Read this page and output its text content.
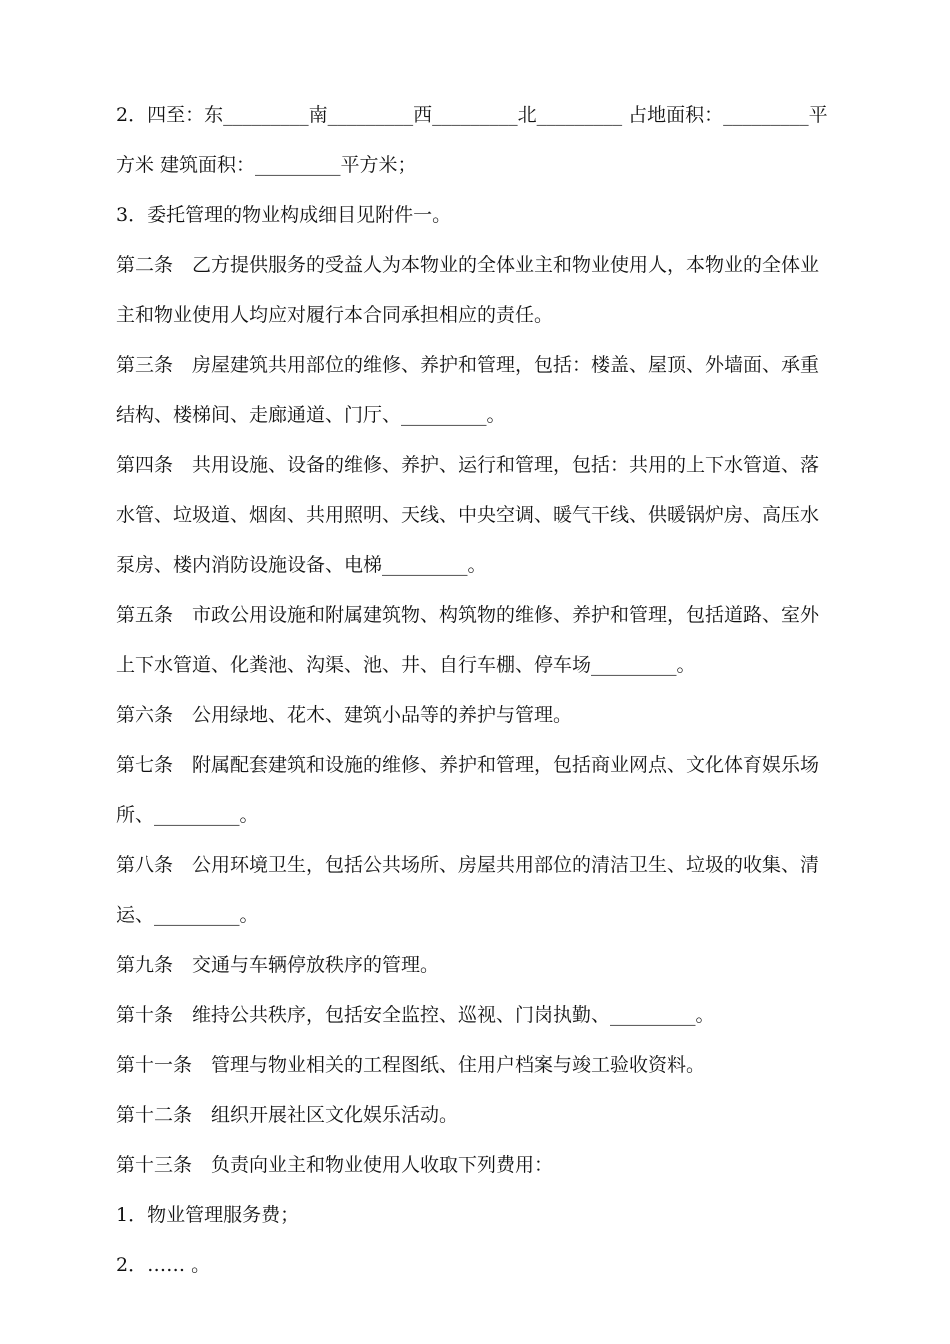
2．四至：东_________南_________西_________北_________ 占地面积：_________平
方米 建筑面积：_________平方米；
3．委托管理的物业构成细目见附件一。
第二条　乙方提供服务的受益人为本物业的全体业主和物业使用人，本物业的全体业
主和物业使用人均应对履行本合同承担相应的责任。
第三条　房屋建筑共用部位的维修、养护和管理，包括：楼盖、屋顶、外墙面、承重
结构、楼梯间、走廊通道、门厅、_________。
第四条　共用设施、设备的维修、养护、运行和管理，包括：共用的上下水管道、落
水管、垃圾道、烟囱、共用照明、天线、中央空调、暖气干线、供暖锅炉房、高压水
泵房、楼内消防设施设备、电梯_________。
第五条　市政公用设施和附属建筑物、构筑物的维修、养护和管理，包括道路、室外
上下水管道、化粪池、沟渠、池、井、自行车棚、停车场_________。
第六条　公用绿地、花木、建筑小品等的养护与管理。
第七条　附属配套建筑和设施的维修、养护和管理，包括商业网点、文化体育娱乐场
所、_________。
第八条　公用环境卫生，包括公共场所、房屋共用部位的清洁卫生、垃圾的收集、清
运、_________。
第九条　交通与车辆停放秩序的管理。
第十条　维持公共秩序，包括安全监控、巡视、门岗执勤、_________。
第十一条　管理与物业相关的工程图纸、住用户档案与竣工验收资料。
第十二条　组织开展社区文化娱乐活动。
第十三条　负责向业主和物业使用人收取下列费用：
1．物业管理服务费；
2．…… 。
